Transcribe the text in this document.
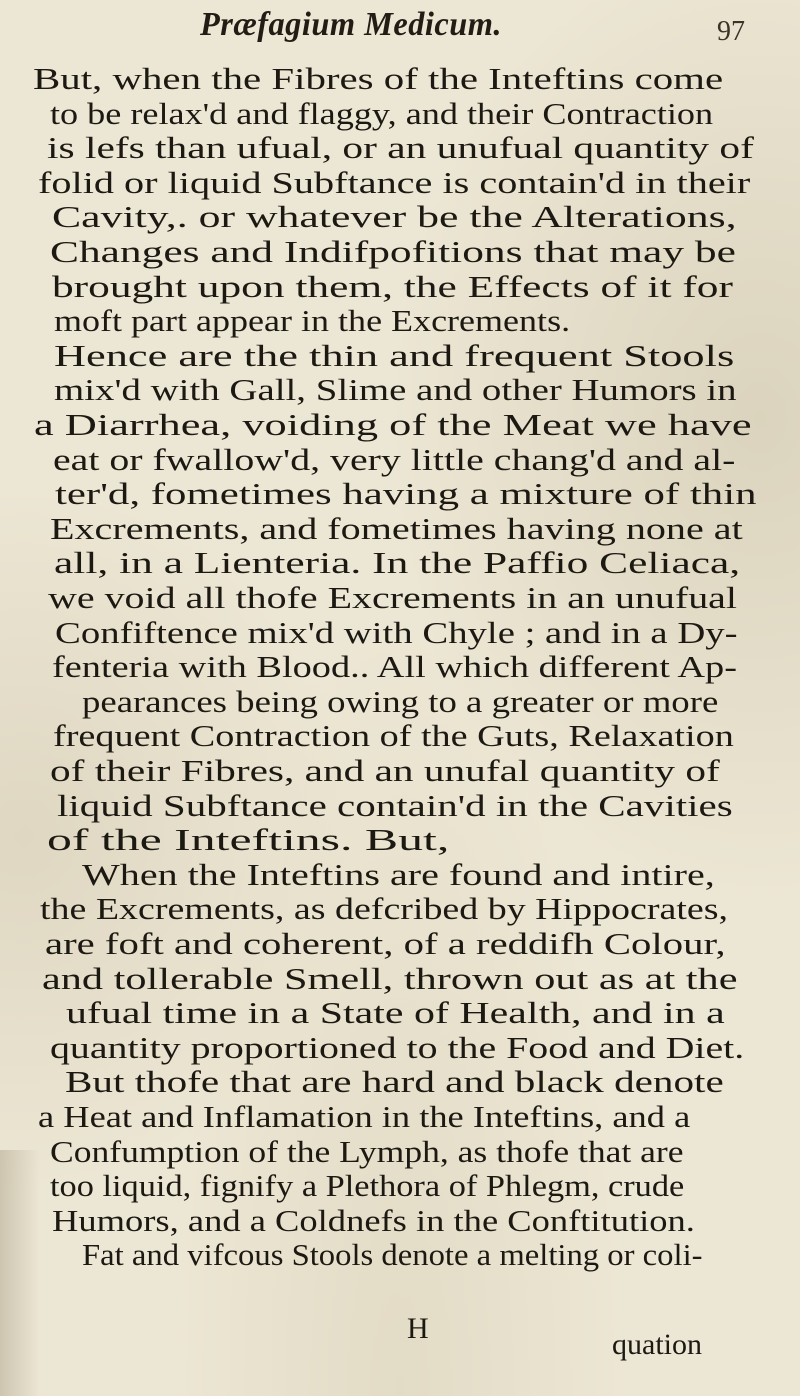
Præfagium Medicum.	97
But, when the Fibres of the Inteftins come
to be relax'd and flaggy, and their Contraction
is lefs than ufual, or an unufual quantity of
folid or liquid Subftance is contain'd in their
Cavity,. or whatever be the Alterations,
Changes and Indifpofitions that may be
brought upon them, the Effects of it for
moft part appear in the Excrements.
Hence are the thin and frequent Stools
mix'd with Gall, Slime and other Humors in
a Diarrhea, voiding of the Meat we have
eat or fwallow'd, very little chang'd and al-
ter'd, fometimes having a mixture of thin
Excrements, and fometimes having none at
all, in a Lienteria. In the Paffio Celiaca,
we void all thofe Excrements in an unufual
Confiftence mix'd with Chyle ; and in a Dy-
fenteria with Blood.. All which different Ap-
pearances being owing to a greater or more
frequent Contraction of the Guts, Relaxation
of their Fibres, and an unufal quantity of
liquid Subftance contain'd in the Cavities
of the Inteftins. But,
When the Inteftins are found and intire,
the Excrements, as defcribed by Hippocrates,
are foft and coherent, of a reddifh Colour,
and tollerable Smell, thrown out as at the
ufual time in a State of Health, and in a
quantity proportioned to the Food and Diet.
But thofe that are hard and black denote
a Heat and Inflamation in the Inteftins, and a
Confumption of the Lymph, as thofe that are
too liquid, fignify a Plethora of Phlegm, crude
Humors, and a Coldnefs in the Conftitution.
Fat and vifcous Stools denote a melting or coli-
H	quation
